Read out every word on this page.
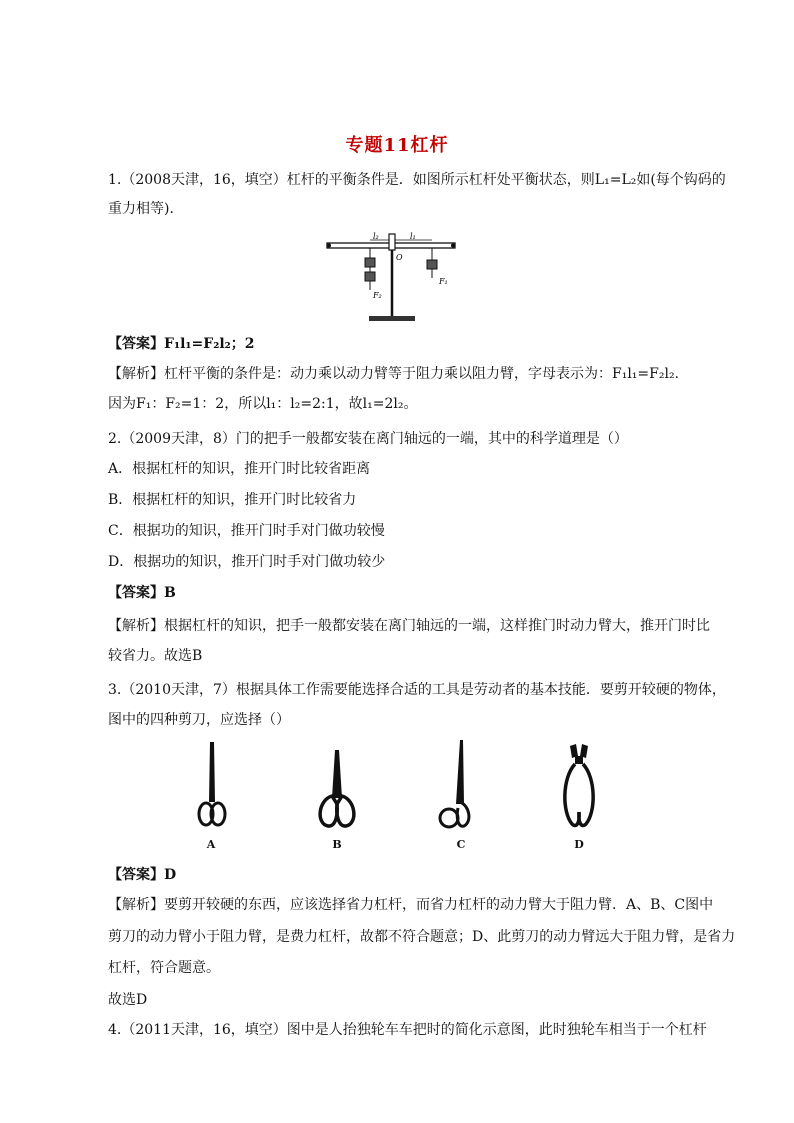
专题11杠杆
1.（2008天津，16，填空）杠杆的平衡条件是．如图所示杠杆处平衡状态，则L₁=L₂如(每个钩码的
重力相等)．
l₂	l₁
O
F₂
F₁
【答案】F₁l₁=F₂l₂；2
【解析】杠杆平衡的条件是：动力乘以动力臂等于阻力乘以阻力臂，字母表示为：F₁l₁=F₂l₂.
因为F₁：F₂=1：2，所以l₁：l₂=2:1，故l₁=2l₂。
2.（2009天津，8）门的把手一般都安装在离门轴远的一端，其中的科学道理是（）
A．根据杠杆的知识，推开门时比较省距离
B．根据杠杆的知识，推开门时比较省力
C．根据功的知识，推开门时手对门做功较慢
D．根据功的知识，推开门时手对门做功较少
【答案】B
【解析】根据杠杆的知识，把手一般都安装在离门轴远的一端，这样推门时动力臂大，推开门时比
较省力。故选B
3.（2010天津，7）根据具体工作需要能选择合适的工具是劳动者的基本技能．要剪开较硬的物体，
图中的四种剪刀，应选择（）
A	B	C	D
【答案】D
【解析】要剪开较硬的东西，应该选择省力杠杆，而省力杠杆的动力臂大于阻力臂．A、B、C图中
剪刀的动力臂小于阻力臂，是费力杠杆，故都不符合题意；D、此剪刀的动力臂远大于阻力臂，是省力
杠杆，符合题意。
故选D
4.（2011天津，16，填空）图中是人抬独轮车车把时的简化示意图，此时独轮车相当于一个杠杆
